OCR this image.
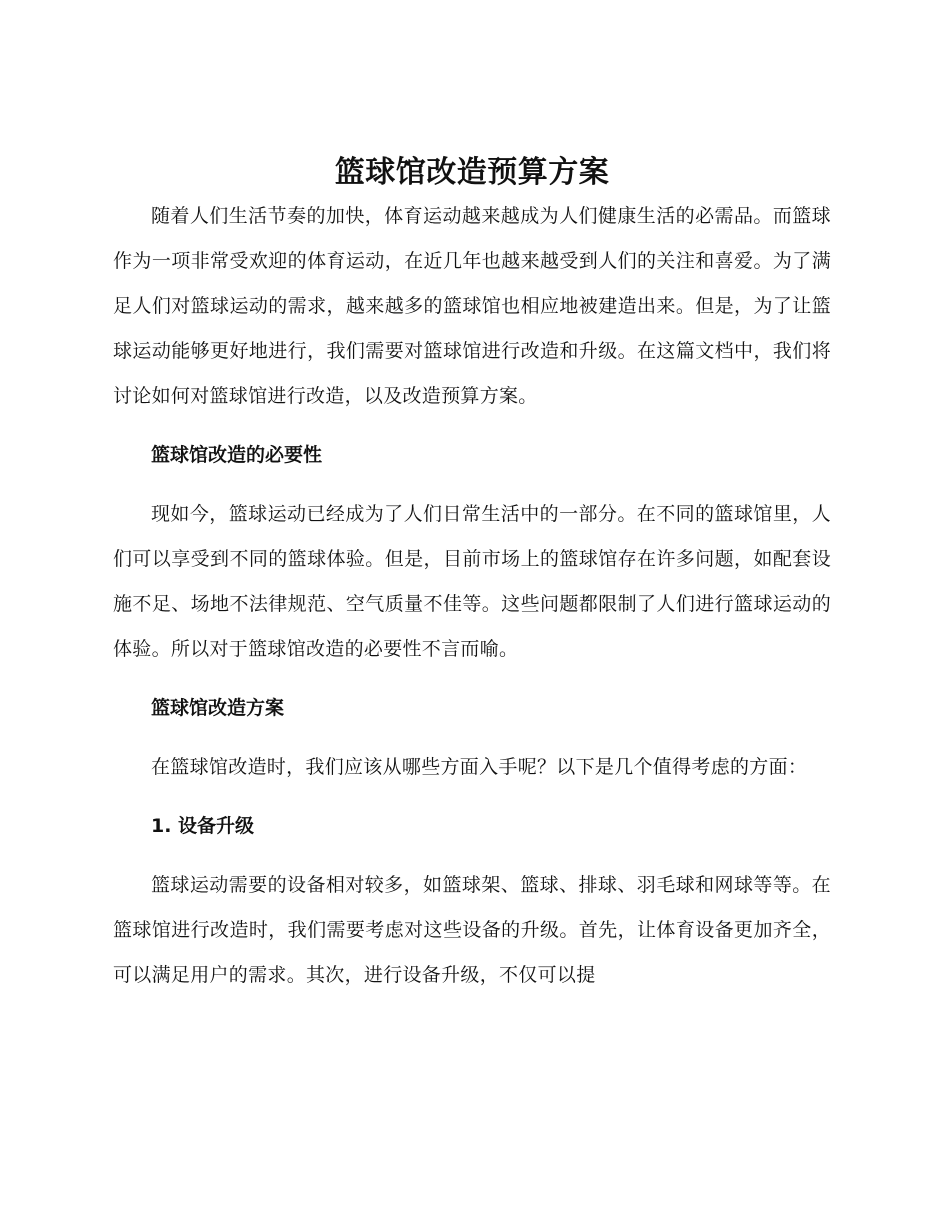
篮球馆改造预算方案

随着人们生活节奏的加快，体育运动越来越成为人们健康生活的必需品。而篮球作为一项非常受欢迎的体育运动，在近几年也越来越受到人们的关注和喜爱。为了满足人们对篮球运动的需求，越来越多的篮球馆也相应地被建造出来。但是，为了让篮球运动能够更好地进行，我们需要对篮球馆进行改造和升级。在这篇文档中，我们将讨论如何对篮球馆进行改造，以及改造预算方案。

篮球馆改造的必要性

现如今，篮球运动已经成为了人们日常生活中的一部分。在不同的篮球馆里，人们可以享受到不同的篮球体验。但是，目前市场上的篮球馆存在许多问题，如配套设施不足、场地不法律规范、空气质量不佳等。这些问题都限制了人们进行篮球运动的体验。所以对于篮球馆改造的必要性不言而喻。

篮球馆改造方案

在篮球馆改造时，我们应该从哪些方面入手呢？以下是几个值得考虑的方面：

1. 设备升级

篮球运动需要的设备相对较多，如篮球架、篮球、排球、羽毛球和网球等等。在篮球馆进行改造时，我们需要考虑对这些设备的升级。首先，让体育设备更加齐全，可以满足用户的需求。其次，进行设备升级，不仅可以提
